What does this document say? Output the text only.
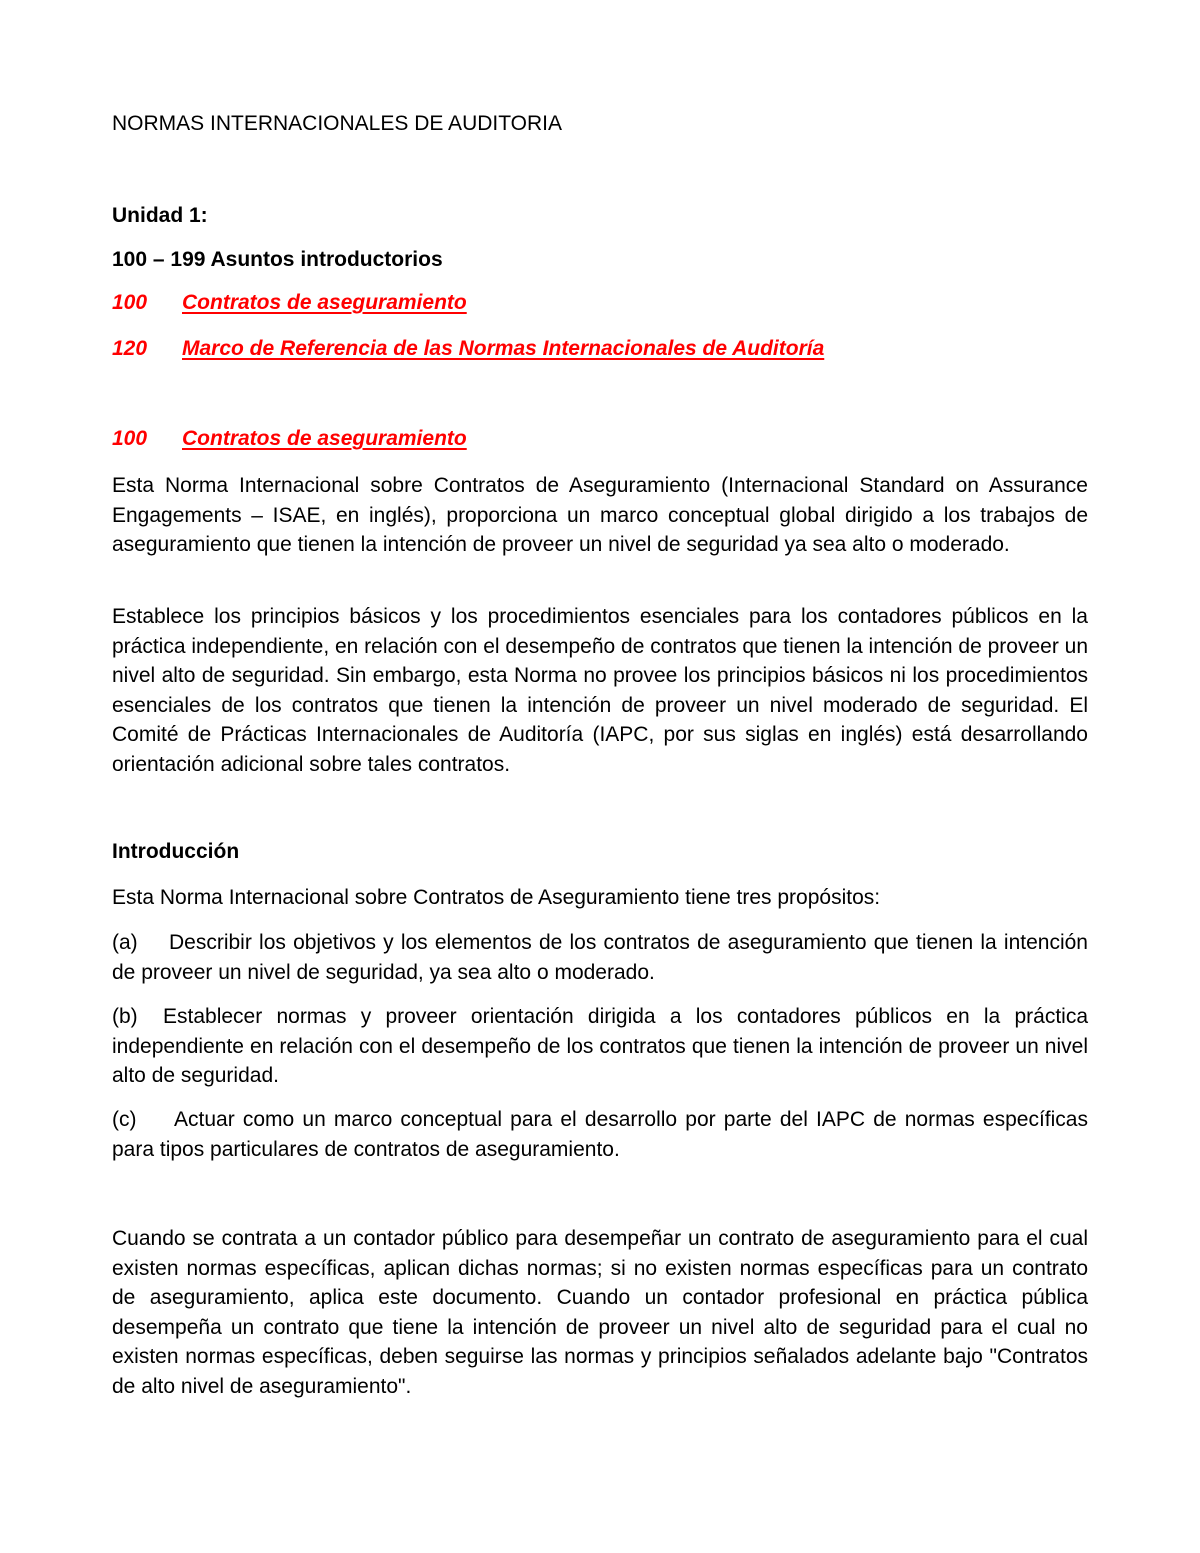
NORMAS INTERNACIONALES DE AUDITORIA
Unidad 1:
100 – 199 Asuntos introductorios
100 Contratos de aseguramiento
120 Marco de Referencia de las Normas Internacionales de Auditoría
100 Contratos de aseguramiento

Esta Norma Internacional sobre Contratos de Aseguramiento (Internacional Standard on Assurance Engagements – ISAE, en inglés), proporciona un marco conceptual global dirigido a los trabajos de aseguramiento que tienen la intención de proveer un nivel de seguridad ya sea alto o moderado.

Establece los principios básicos y los procedimientos esenciales para los contadores públicos en la práctica independiente, en relación con el desempeño de contratos que tienen la intención de proveer un nivel alto de seguridad. Sin embargo, esta Norma no provee los principios básicos ni los procedimientos esenciales de los contratos que tienen la intención de proveer un nivel moderado de seguridad. El Comité de Prácticas Internacionales de Auditoría (IAPC, por sus siglas en inglés) está desarrollando orientación adicional sobre tales contratos.

Introducción

Esta Norma Internacional sobre Contratos de Aseguramiento tiene tres propósitos:

(a) Describir los objetivos y los elementos de los contratos de aseguramiento que tienen la intención de proveer un nivel de seguridad, ya sea alto o moderado.

(b) Establecer normas y proveer orientación dirigida a los contadores públicos en la práctica independiente en relación con el desempeño de los contratos que tienen la intención de proveer un nivel alto de seguridad.

(c) Actuar como un marco conceptual para el desarrollo por parte del IAPC de normas específicas para tipos particulares de contratos de aseguramiento.

Cuando se contrata a un contador público para desempeñar un contrato de aseguramiento para el cual existen normas específicas, aplican dichas normas; si no existen normas específicas para un contrato de aseguramiento, aplica este documento. Cuando un contador profesional en práctica pública desempeña un contrato que tiene la intención de proveer un nivel alto de seguridad para el cual no existen normas específicas, deben seguirse las normas y principios señalados adelante bajo "Contratos de alto nivel de aseguramiento".
